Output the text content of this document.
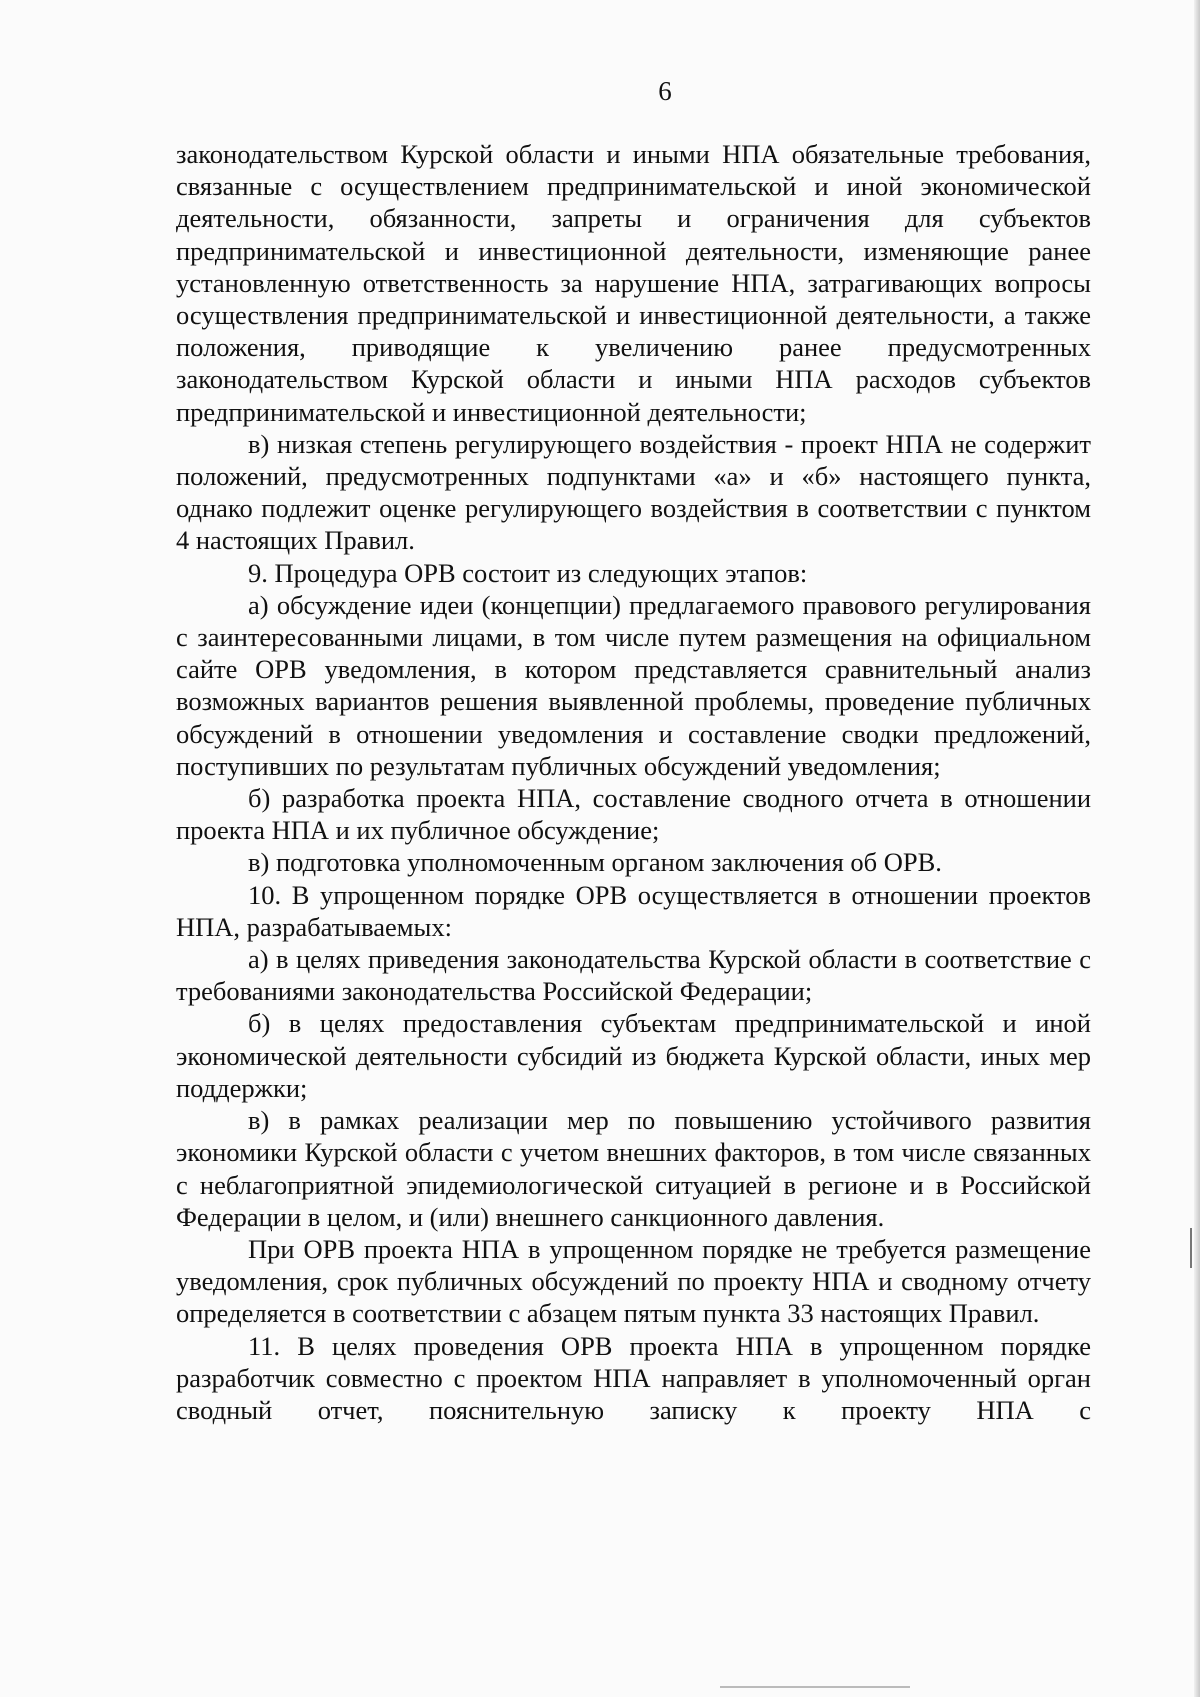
6

законодательством Курской области и иными НПА обязательные требования, связанные с осуществлением предпринимательской и иной экономической деятельности, обязанности, запреты и ограничения для субъектов предпринимательской и инвестиционной деятельности, изменяющие ранее установленную ответственность за нарушение НПА, затрагивающих вопросы осуществления предпринимательской и инвестиционной деятельности, а также положения, приводящие к увеличению ранее предусмотренных законодательством Курской области и иными НПА расходов субъектов предпринимательской и инвестиционной деятельности;

в) низкая степень регулирующего воздействия - проект НПА не содержит положений, предусмотренных подпунктами «а» и «б» настоящего пункта, однако подлежит оценке регулирующего воздействия в соответствии с пунктом 4 настоящих Правил.

9. Процедура ОРВ состоит из следующих этапов:

а) обсуждение идеи (концепции) предлагаемого правового регулирования с заинтересованными лицами, в том числе путем размещения на официальном сайте ОРВ уведомления, в котором представляется сравнительный анализ возможных вариантов решения выявленной проблемы, проведение публичных обсуждений в отношении уведомления и составление сводки предложений, поступивших по результатам публичных обсуждений уведомления;

б) разработка проекта НПА, составление сводного отчета в отношении проекта НПА и их публичное обсуждение;

в) подготовка уполномоченным органом заключения об ОРВ.

10. В упрощенном порядке ОРВ осуществляется в отношении проектов НПА, разрабатываемых:

а) в целях приведения законодательства Курской области в соответствие с требованиями законодательства Российской Федерации;

б) в целях предоставления субъектам предпринимательской и иной экономической деятельности субсидий из бюджета Курской области, иных мер поддержки;

в) в рамках реализации мер по повышению устойчивого развития экономики Курской области с учетом внешних факторов, в том числе связанных с неблагоприятной эпидемиологической ситуацией в регионе и в Российской Федерации в целом, и (или) внешнего санкционного давления.

При ОРВ проекта НПА в упрощенном порядке не требуется размещение уведомления, срок публичных обсуждений по проекту НПА и сводному отчету определяется в соответствии с абзацем пятым пункта 33 настоящих Правил.

11. В целях проведения ОРВ проекта НПА в упрощенном порядке разработчик совместно с проектом НПА направляет в уполномоченный орган сводный отчет, пояснительную записку к проекту НПА с
